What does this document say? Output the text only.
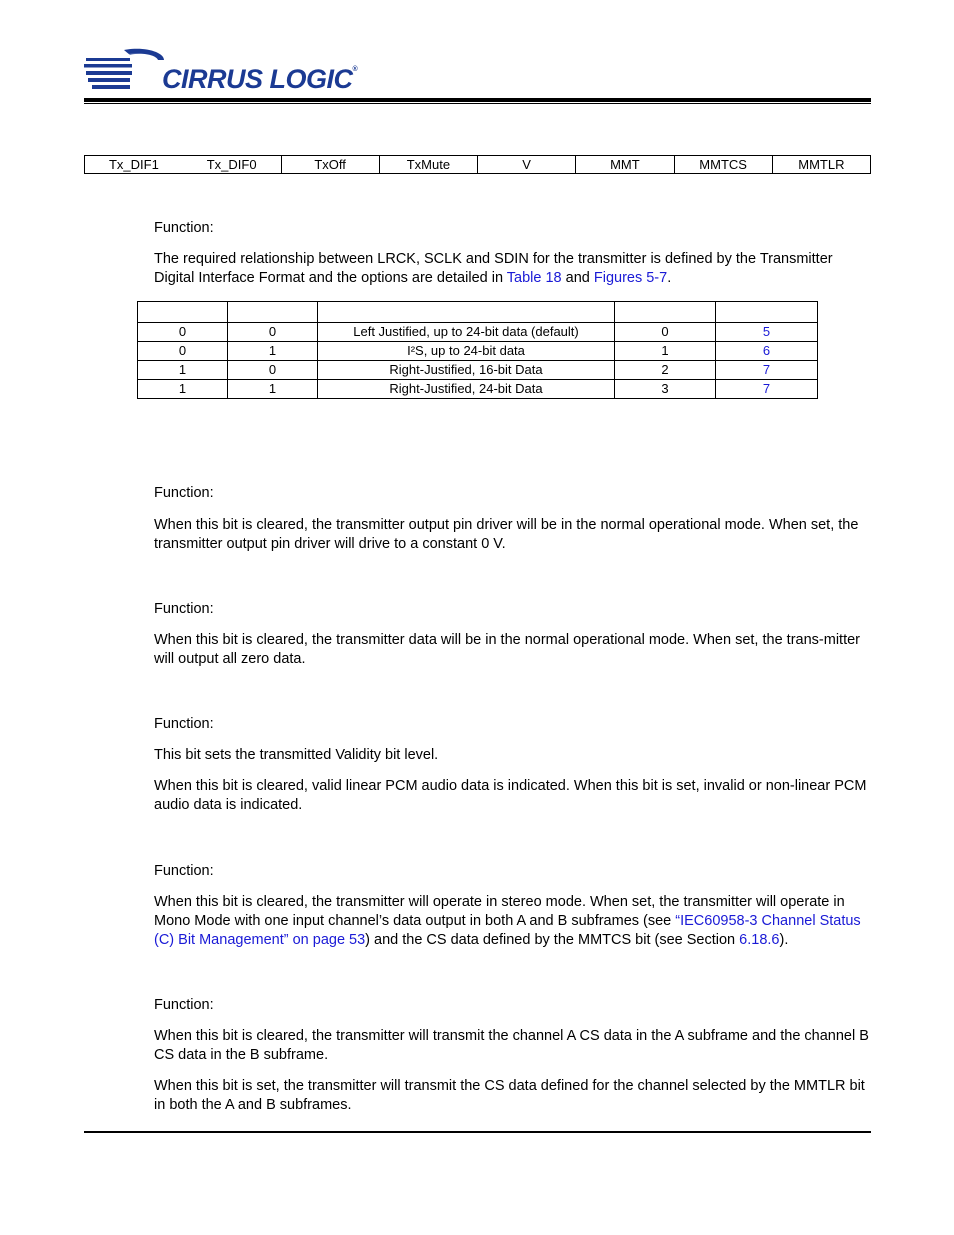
CIRRUS LOGIC®
Tx_DIF1	Tx_DIF0	TxOff	TxMute	V	MMT	MMTCS	MMTLR
Function:

The required relationship between LRCK, SCLK and SDIN for the transmitter is defined by the Transmitter Digital Interface Format and the options are detailed in Table 18 and Figures 5-7.

0	0	Left Justified, up to 24-bit data (default)	0	5
0	1	I²S, up to 24-bit data	1	6
1	0	Right-Justified, 16-bit Data	2	7
1	1	Right-Justified, 24-bit Data	3	7
Function:

When this bit is cleared, the transmitter output pin driver will be in the normal operational mode. When set, the transmitter output pin driver will drive to a constant 0 V.

Function:

When this bit is cleared, the transmitter data will be in the normal operational mode. When set, the trans-mitter will output all zero data.

Function:

This bit sets the transmitted Validity bit level.

When this bit is cleared, valid linear PCM audio data is indicated. When this bit is set, invalid or non-linear PCM audio data is indicated.

Function:

When this bit is cleared, the transmitter will operate in stereo mode. When set, the transmitter will operate in Mono Mode with one input channel’s data output in both A and B subframes (see “IEC60958-3 Channel Status (C) Bit Management” on page 53) and the CS data defined by the MMTCS bit (see Section 6.18.6).

Function:

When this bit is cleared, the transmitter will transmit the channel A CS data in the A subframe and the channel B CS data in the B subframe.

When this bit is set, the transmitter will transmit the CS data defined for the channel selected by the MMTLR bit in both the A and B subframes.
